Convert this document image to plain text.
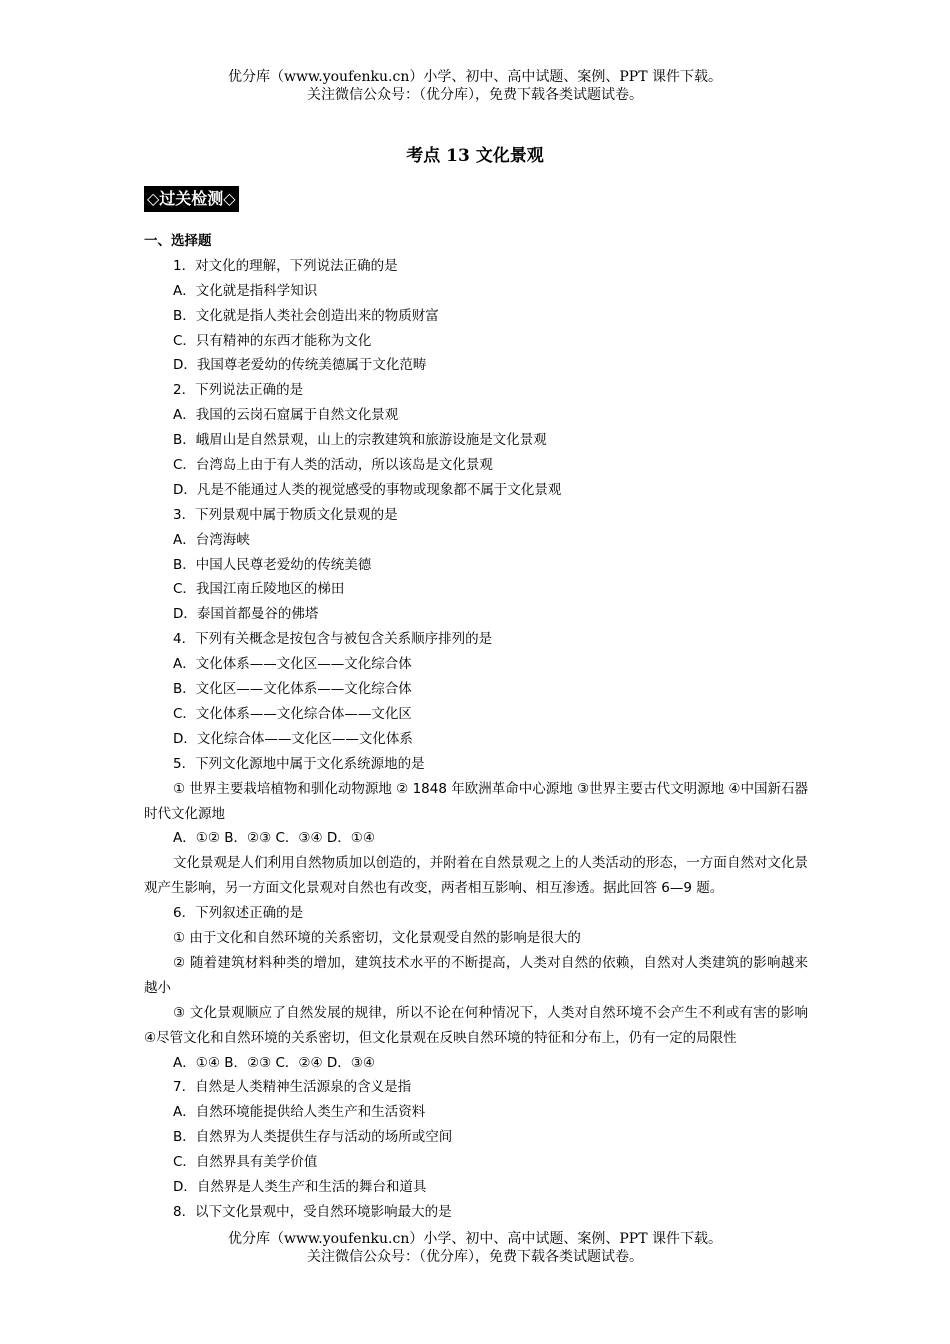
优分库（www.youfenku.cn）小学、初中、高中试题、案例、PPT 课件下载。
关注微信公众号：（优分库），免费下载各类试题试卷。
考点 13 文化景观
◇过关检测◇
一、选择题
1．对文化的理解，下列说法正确的是
A．文化就是指科学知识
B．文化就是指人类社会创造出来的物质财富
C．只有精神的东西才能称为文化
D．我国尊老爱幼的传统美德属于文化范畴
2．下列说法正确的是
A．我国的云岗石窟属于自然文化景观
B．峨眉山是自然景观，山上的宗教建筑和旅游设施是文化景观
C．台湾岛上由于有人类的活动，所以该岛是文化景观
D．凡是不能通过人类的视觉感受的事物或现象都不属于文化景观
3．下列景观中属于物质文化景观的是
A．台湾海峡
B．中国人民尊老爱幼的传统美德
C．我国江南丘陵地区的梯田
D．泰国首都曼谷的佛塔
4．下列有关概念是按包含与被包含关系顺序排列的是
A．文化体系——文化区——文化综合体
B．文化区——文化体系——文化综合体
C．文化体系——文化综合体——文化区
D．文化综合体——文化区——文化体系
5．下列文化源地中属于文化系统源地的是
① 世界主要栽培植物和驯化动物源地 ② 1848 年欧洲革命中心源地 ③世界主要古代文明源地 ④中国新石器时代文化源地
A．①② B．②③ C．③④ D．①④
文化景观是人们利用自然物质加以创造的，并附着在自然景观之上的人类活动的形态，一方面自然对文化景观产生影响，另一方面文化景观对自然也有改变，两者相互影响、相互渗透。据此回答 6—9 题。
6．下列叙述正确的是
① 由于文化和自然环境的关系密切，文化景观受自然的影响是很大的
② 随着建筑材料种类的增加，建筑技术水平的不断提高，人类对自然的依赖，自然对人类建筑的影响越来越小
③ 文化景观顺应了自然发展的规律，所以不论在何种情况下，人类对自然环境不会产生不利或有害的影响④尽管文化和自然环境的关系密切，但文化景观在反映自然环境的特征和分布上，仍有一定的局限性
A．①④ B．②③ C．②④ D．③④
7．自然是人类精神生活源泉的含义是指
A．自然环境能提供给人类生产和生活资料
B．自然界为人类提供生存与活动的场所或空间
C．自然界具有美学价值
D．自然界是人类生产和生活的舞台和道具
8．以下文化景观中，受自然环境影响最大的是
优分库（www.youfenku.cn）小学、初中、高中试题、案例、PPT 课件下载。
关注微信公众号：（优分库），免费下载各类试题试卷。
